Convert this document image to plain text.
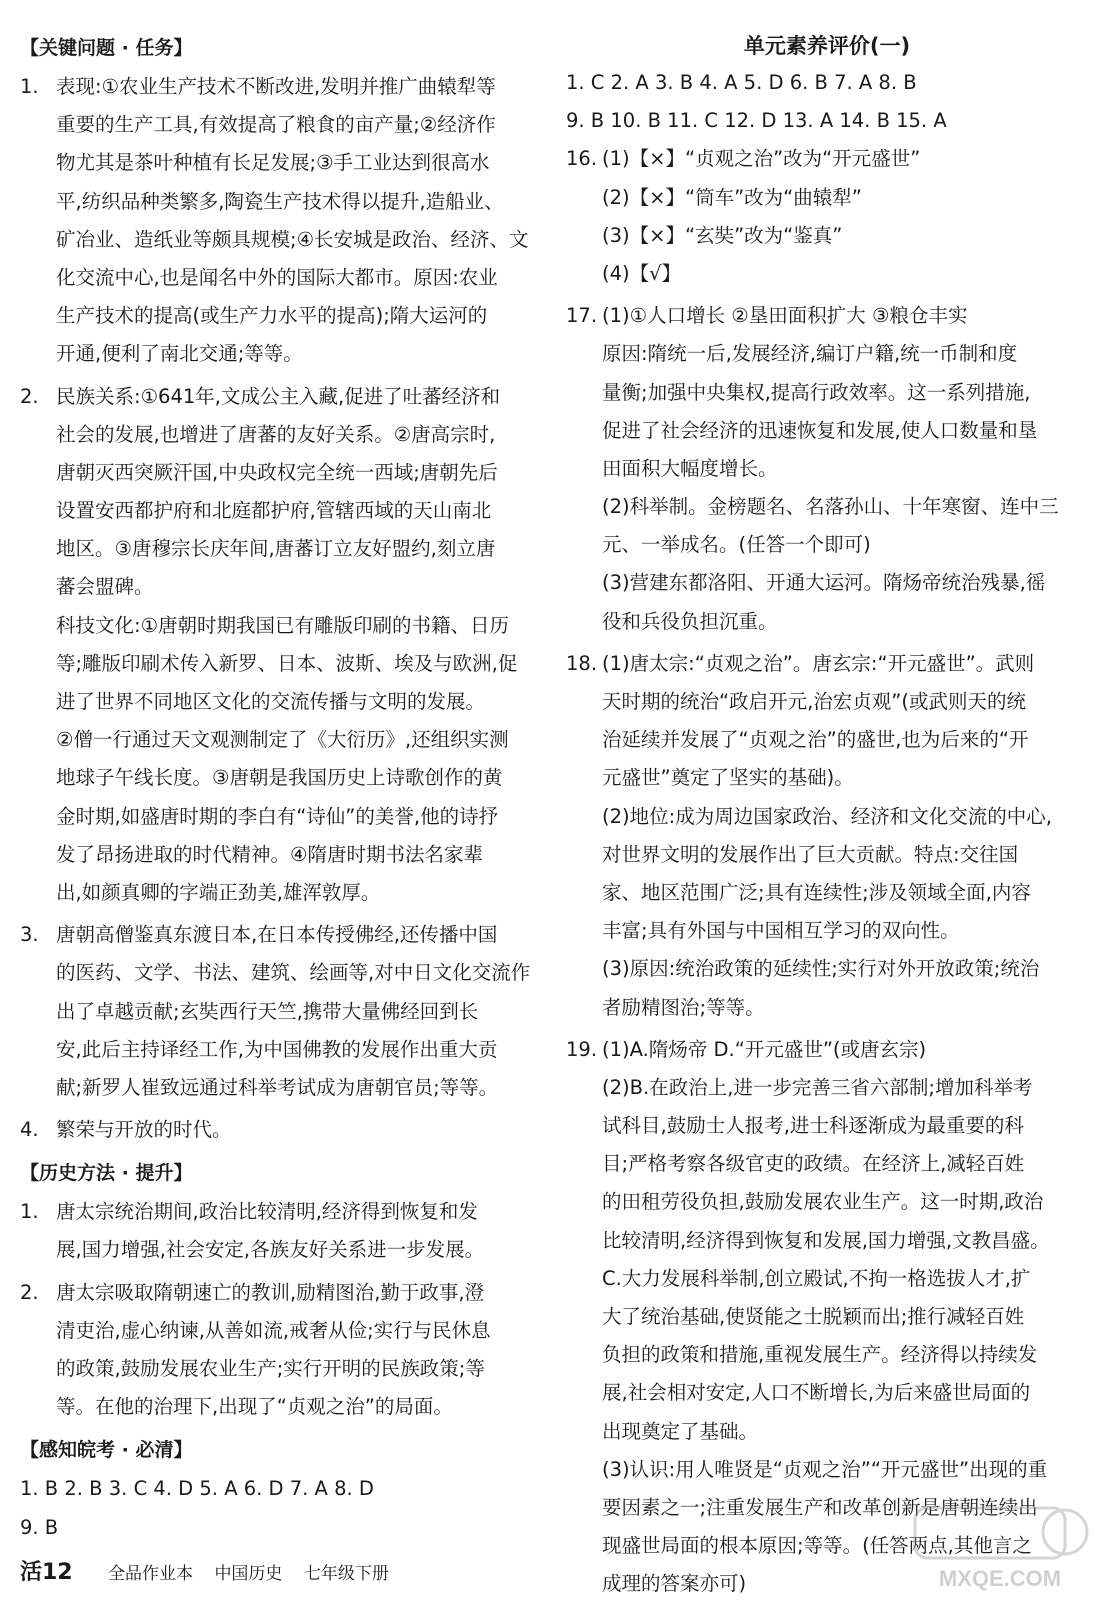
【关键问题 · 任务】
1. 表现:①农业生产技术不断改进,发明并推广曲辕犁等
重要的生产工具,有效提高了粮食的亩产量;②经济作
物尤其是茶叶种植有长足发展;③手工业达到很高水
平,纺织品种类繁多,陶瓷生产技术得以提升,造船业、
矿冶业、造纸业等颇具规模;④长安城是政治、经济、文
化交流中心,也是闻名中外的国际大都市。原因:农业
生产技术的提高(或生产力水平的提高);隋大运河的
开通,便利了南北交通;等等。
2. 民族关系:①641年,文成公主入藏,促进了吐蕃经济和
社会的发展,也增进了唐蕃的友好关系。②唐高宗时,
唐朝灭西突厥汗国,中央政权完全统一西域;唐朝先后
设置安西都护府和北庭都护府,管辖西域的天山南北
地区。③唐穆宗长庆年间,唐蕃订立友好盟约,刻立唐
蕃会盟碑。
科技文化:①唐朝时期我国已有雕版印刷的书籍、日历
等;雕版印刷术传入新罗、日本、波斯、埃及与欧洲,促
进了世界不同地区文化的交流传播与文明的发展。
②僧一行通过天文观测制定了《大衍历》,还组织实测
地球子午线长度。③唐朝是我国历史上诗歌创作的黄
金时期,如盛唐时期的李白有“诗仙”的美誉,他的诗抒
发了昂扬进取的时代精神。④隋唐时期书法名家辈
出,如颜真卿的字端正劲美,雄浑敦厚。
3. 唐朝高僧鉴真东渡日本,在日本传授佛经,还传播中国
的医药、文学、书法、建筑、绘画等,对中日文化交流作
出了卓越贡献;玄奘西行天竺,携带大量佛经回到长
安,此后主持译经工作,为中国佛教的发展作出重大贡
献;新罗人崔致远通过科举考试成为唐朝官员;等等。
4. 繁荣与开放的时代。
【历史方法 · 提升】
1. 唐太宗统治期间,政治比较清明,经济得到恢复和发
展,国力增强,社会安定,各族友好关系进一步发展。
2. 唐太宗吸取隋朝速亡的教训,励精图治,勤于政事,澄
清吏治,虚心纳谏,从善如流,戒奢从俭;实行与民休息
的政策,鼓励发展农业生产;实行开明的民族政策;等
等。在他的治理下,出现了“贞观之治”的局面。
【感知皖考 · 必清】
1. B 2. B 3. C 4. D 5. A 6. D 7. A 8. D
9. B
单元素养评价(一)
1. C 2. A 3. B 4. A 5. D 6. B 7. A 8. B
9. B 10. B 11. C 12. D 13. A 14. B 15. A
16. (1)【×】“贞观之治”改为“开元盛世”
(2)【×】“筒车”改为“曲辕犁”
(3)【×】“玄奘”改为“鉴真”
(4)【√】
17. (1)①人口增长 ②垦田面积扩大 ③粮仓丰实
原因:隋统一后,发展经济,编订户籍,统一币制和度
量衡;加强中央集权,提高行政效率。这一系列措施,
促进了社会经济的迅速恢复和发展,使人口数量和垦
田面积大幅度增长。
(2)科举制。金榜题名、名落孙山、十年寒窗、连中三
元、一举成名。(任答一个即可)
(3)营建东都洛阳、开通大运河。隋炀帝统治残暴,徭
役和兵役负担沉重。
18. (1)唐太宗:“贞观之治”。唐玄宗:“开元盛世”。武则
天时期的统治“政启开元,治宏贞观”(或武则天的统
治延续并发展了“贞观之治”的盛世,也为后来的“开
元盛世”奠定了坚实的基础)。
(2)地位:成为周边国家政治、经济和文化交流的中心,
对世界文明的发展作出了巨大贡献。特点:交往国
家、地区范围广泛;具有连续性;涉及领域全面,内容
丰富;具有外国与中国相互学习的双向性。
(3)原因:统治政策的延续性;实行对外开放政策;统治
者励精图治;等等。
19. (1)A.隋炀帝 D.“开元盛世”(或唐玄宗)
(2)B.在政治上,进一步完善三省六部制;增加科举考
试科目,鼓励士人报考,进士科逐渐成为最重要的科
目;严格考察各级官吏的政绩。在经济上,减轻百姓
的田租劳役负担,鼓励发展农业生产。这一时期,政治
比较清明,经济得到恢复和发展,国力增强,文教昌盛。
C.大力发展科举制,创立殿试,不拘一格选拔人才,扩
大了统治基础,使贤能之士脱颖而出;推行减轻百姓
负担的政策和措施,重视发展生产。经济得以持续发
展,社会相对安定,人口不断增长,为后来盛世局面的
出现奠定了基础。
(3)认识:用人唯贤是“贞观之治”“开元盛世”出现的重
要因素之一;注重发展生产和改革创新是唐朝连续出
现盛世局面的根本原因;等等。(任答两点,其他言之
成理的答案亦可)
活12 全品作业本 中国历史 七年级下册	MXQE.COM
